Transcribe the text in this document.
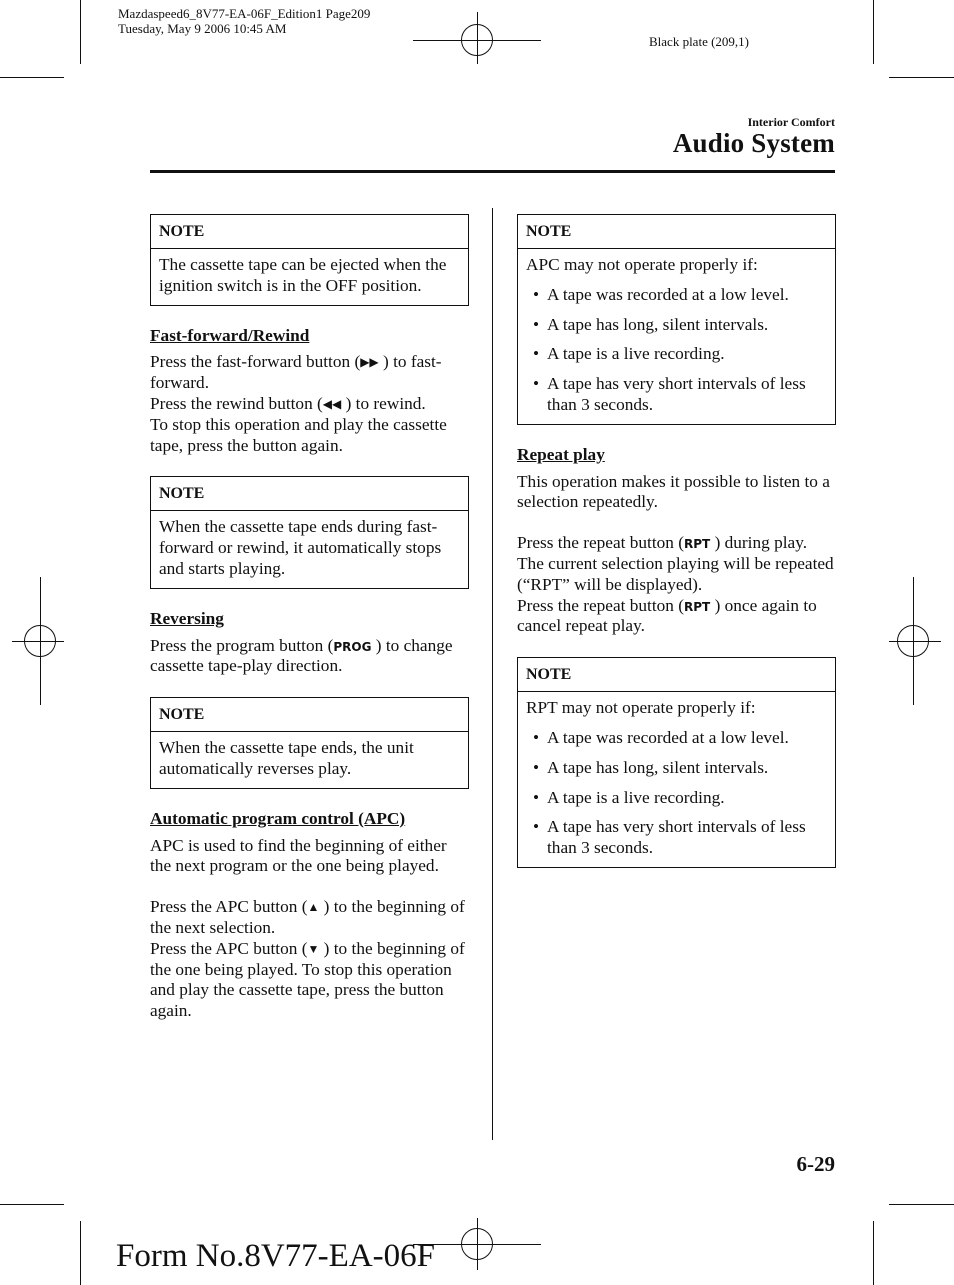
Mazdaspeed6_8V77-EA-06F_Edition1 Page209
Tuesday, May 9 2006 10:45 AM
Black plate (209,1)
Interior Comfort
Audio System
NOTE
The cassette tape can be ejected when the ignition switch is in the OFF position.
Fast-forward/Rewind

Press the fast-forward button (▶▶ ) to fast-forward.

Press the rewind button (◀◀ ) to rewind.

To stop this operation and play the cassette tape, press the button again.

NOTE
When the cassette tape ends during fast-forward or rewind, it automatically stops and starts playing.
Reversing

Press the program button (PROG ) to change cassette tape-play direction.

NOTE
When the cassette tape ends, the unit automatically reverses play.
Automatic program control (APC)

APC is used to find the beginning of either the next program or the one being played.

Press the APC button (▲ ) to the beginning of the next selection.

Press the APC button (▼ ) to the beginning of the one being played. To stop this operation and play the cassette tape, press the button again.

NOTE
APC may not operate properly if:
• A tape was recorded at a low level.
• A tape has long, silent intervals.
• A tape is a live recording.
• A tape has very short intervals of less than 3 seconds.
Repeat play

This operation makes it possible to listen to a selection repeatedly.

Press the repeat button (RPT ) during play. The current selection playing will be repeated (“RPT” will be displayed).

Press the repeat button (RPT ) once again to cancel repeat play.

NOTE
RPT may not operate properly if:
• A tape was recorded at a low level.
• A tape has long, silent intervals.
• A tape is a live recording.
• A tape has very short intervals of less than 3 seconds.
6-29
Form No.8V77-EA-06F
